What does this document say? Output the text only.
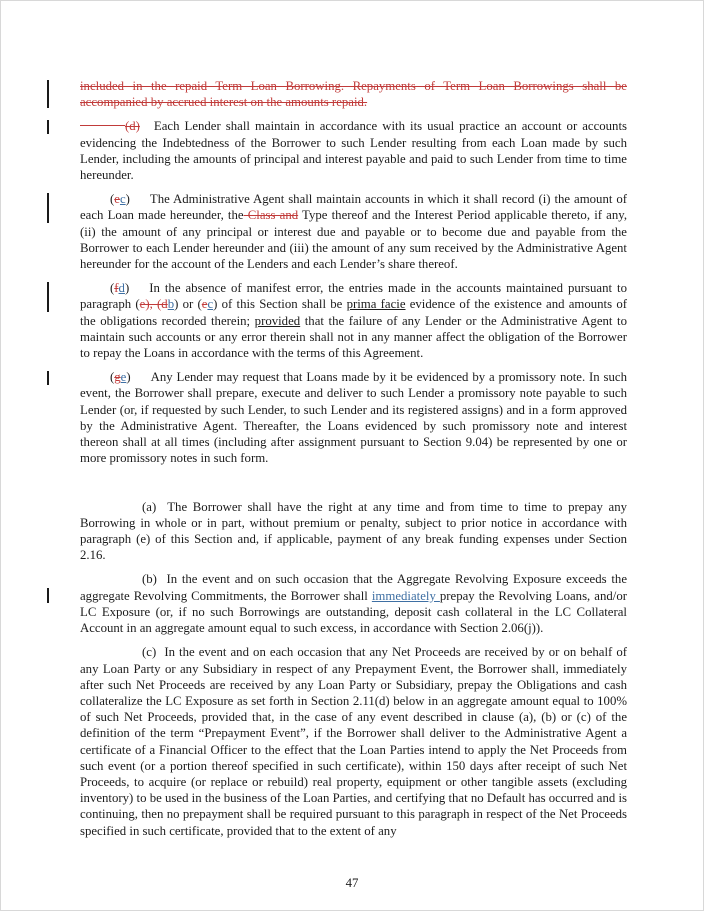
included in the repaid Term Loan Borrowing. Repayments of Term Loan Borrowings shall be accompanied by accrued interest on the amounts repaid.

(d) Each Lender shall maintain in accordance with its usual practice an account or accounts evidencing the Indebtedness of the Borrower to such Lender resulting from each Loan made by such Lender, including the amounts of principal and interest payable and paid to such Lender from time to time hereunder.

(ec) The Administrative Agent shall maintain accounts in which it shall record (i) the amount of each Loan made hereunder, the Class and Type thereof and the Interest Period applicable thereto, if any, (ii) the amount of any principal or interest due and payable or to become due and payable from the Borrower to each Lender hereunder and (iii) the amount of any sum received by the Administrative Agent hereunder for the account of the Lenders and each Lender’s share thereof.

(fd) In the absence of manifest error, the entries made in the accounts maintained pursuant to paragraph (e), (db) or (ec) of this Section shall be prima facie evidence of the existence and amounts of the obligations recorded therein; provided that the failure of any Lender or the Administrative Agent to maintain such accounts or any error therein shall not in any manner affect the obligation of the Borrower to repay the Loans in accordance with the terms of this Agreement.

(ge) Any Lender may request that Loans made by it be evidenced by a promissory note. In such event, the Borrower shall prepare, execute and deliver to such Lender a promissory note payable to such Lender (or, if requested by such Lender, to such Lender and its registered assigns) and in a form approved by the Administrative Agent. Thereafter, the Loans evidenced by such promissory note and interest thereon shall at all times (including after assignment pursuant to Section 9.04) be represented by one or more promissory notes in such form.

(a)  The Borrower shall have the right at any time and from time to time to prepay any Borrowing in whole or in part, without premium or penalty, subject to prior notice in accordance with paragraph (e) of this Section and, if applicable, payment of any break funding expenses under Section 2.16.

(b)  In the event and on such occasion that the Aggregate Revolving Exposure exceeds the aggregate Revolving Commitments, the Borrower shall immediately prepay the Revolving Loans, and/or LC Exposure (or, if no such Borrowings are outstanding, deposit cash collateral in the LC Collateral Account in an aggregate amount equal to such excess, in accordance with Section 2.06(j)).

(c)  In the event and on each occasion that any Net Proceeds are received by or on behalf of any Loan Party or any Subsidiary in respect of any Prepayment Event, the Borrower shall, immediately after such Net Proceeds are received by any Loan Party or Subsidiary, prepay the Obligations and cash collateralize the LC Exposure as set forth in Section 2.11(d) below in an aggregate amount equal to 100% of such Net Proceeds, provided that, in the case of any event described in clause (a), (b) or (c) of the definition of the term “Prepayment Event”, if the Borrower shall deliver to the Administrative Agent a certificate of a Financial Officer to the effect that the Loan Parties intend to apply the Net Proceeds from such event (or a portion thereof specified in such certificate), within 150 days after receipt of such Net Proceeds, to acquire (or replace or rebuild) real property, equipment or other tangible assets (excluding inventory) to be used in the business of the Loan Parties, and certifying that no Default has occurred and is continuing, then no prepayment shall be required pursuant to this paragraph in respect of the Net Proceeds specified in such certificate, provided that to the extent of any

47
